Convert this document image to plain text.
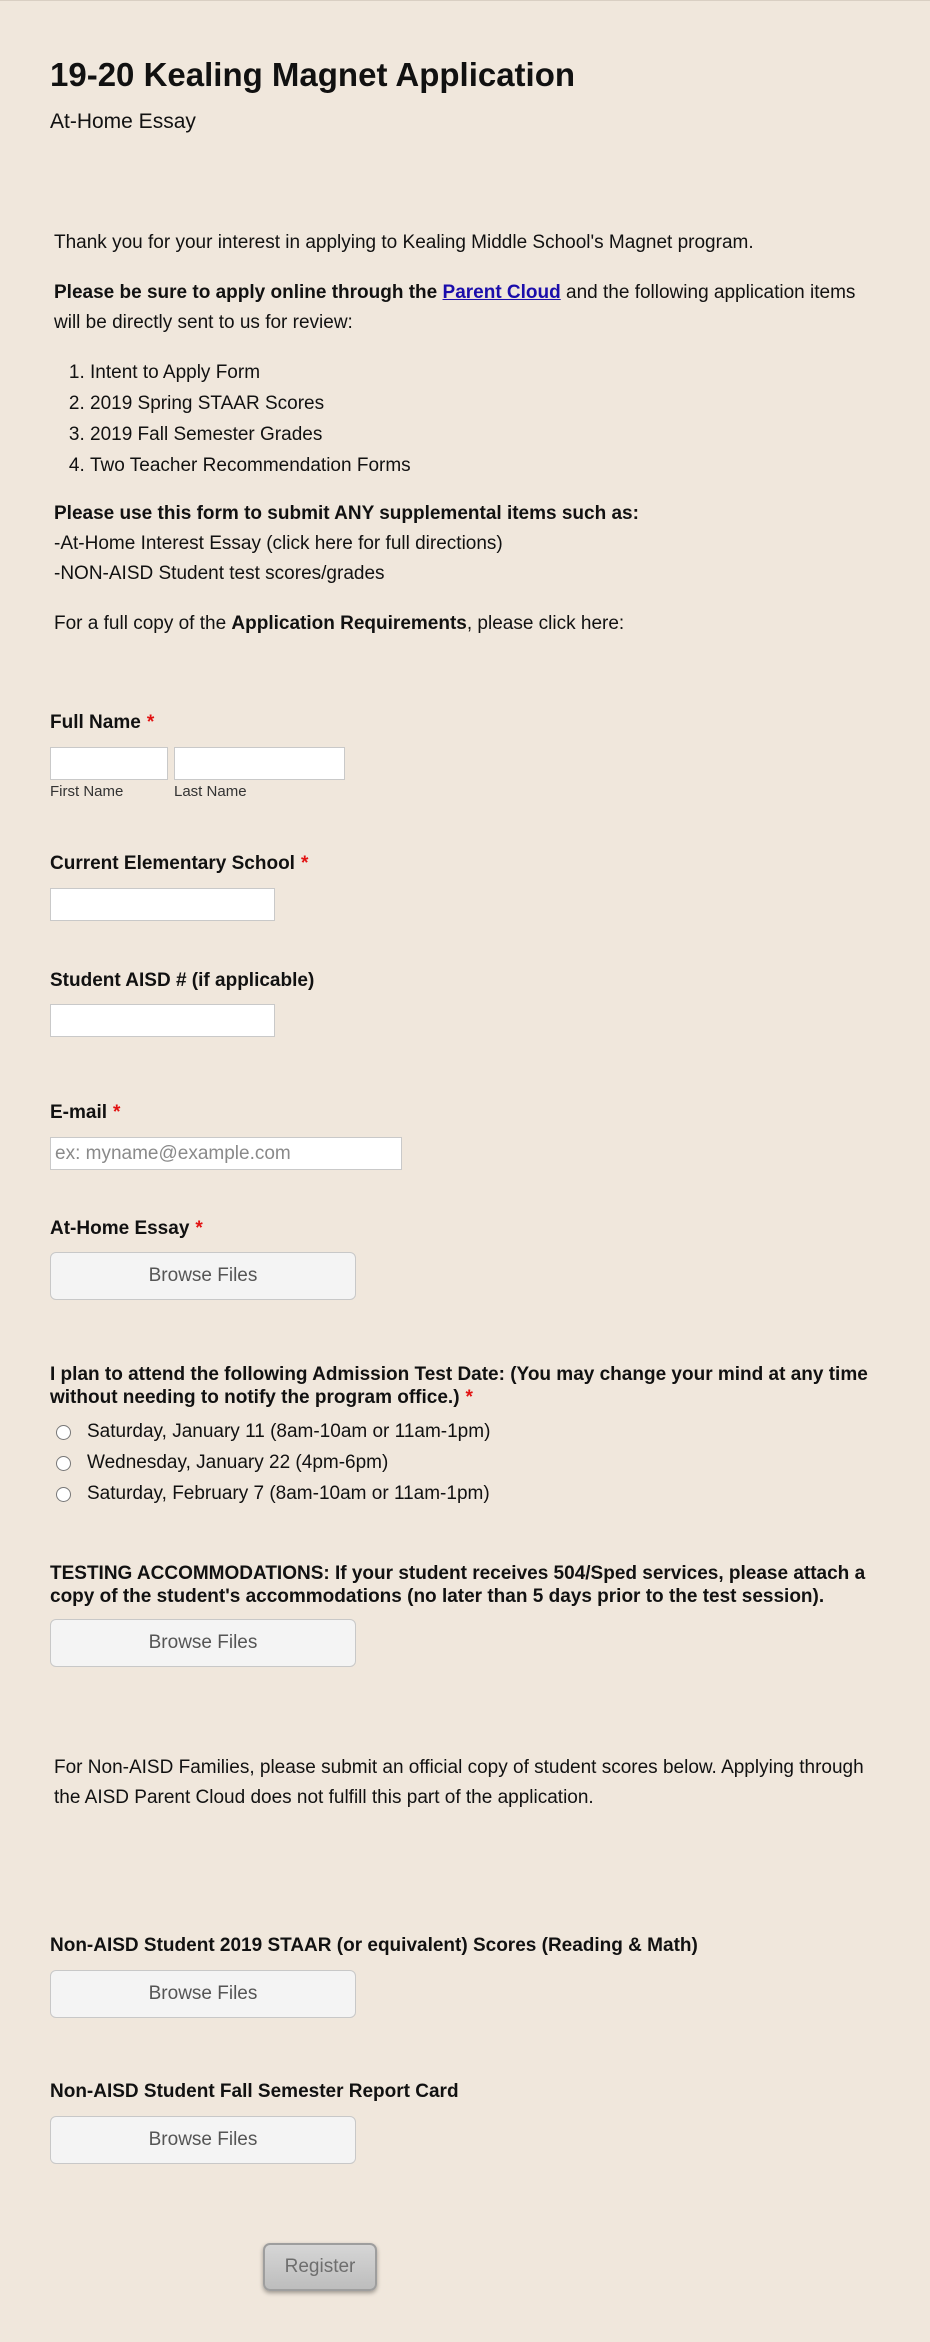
19-20 Kealing Magnet Application
At-Home Essay

Thank you for your interest in applying to Kealing Middle School's Magnet program.

Please be sure to apply online through the Parent Cloud and the following application items will be directly sent to us for review:

1. Intent to Apply Form
2. 2019 Spring STAAR Scores
3. 2019 Fall Semester Grades
4. Two Teacher Recommendation Forms

Please use this form to submit ANY supplemental items such as:

-At-Home Interest Essay (click here for full directions)

-NON-AISD Student test scores/grades

For a full copy of the Application Requirements, please click here:

Full Name *
First Name	Last Name
Current Elementary School *
Student AISD # (if applicable)
E-mail *
ex: myname@example.com
At-Home Essay *
Browse Files
I plan to attend the following Admission Test Date: (You may change your mind at any time without needing to notify the program office.) *
Saturday, January 11 (8am-10am or 11am-1pm)
Wednesday, January 22 (4pm-6pm)
Saturday, February 7 (8am-10am or 11am-1pm)
TESTING ACCOMMODATIONS: If your student receives 504/Sped services, please attach a copy of the student's accommodations (no later than 5 days prior to the test session).
Browse Files

For Non-AISD Families, please submit an official copy of student scores below. Applying through the AISD Parent Cloud does not fulfill this part of the application.

Non-AISD Student 2019 STAAR (or equivalent) Scores (Reading & Math)
Browse Files
Non-AISD Student Fall Semester Report Card
Browse Files
Register
